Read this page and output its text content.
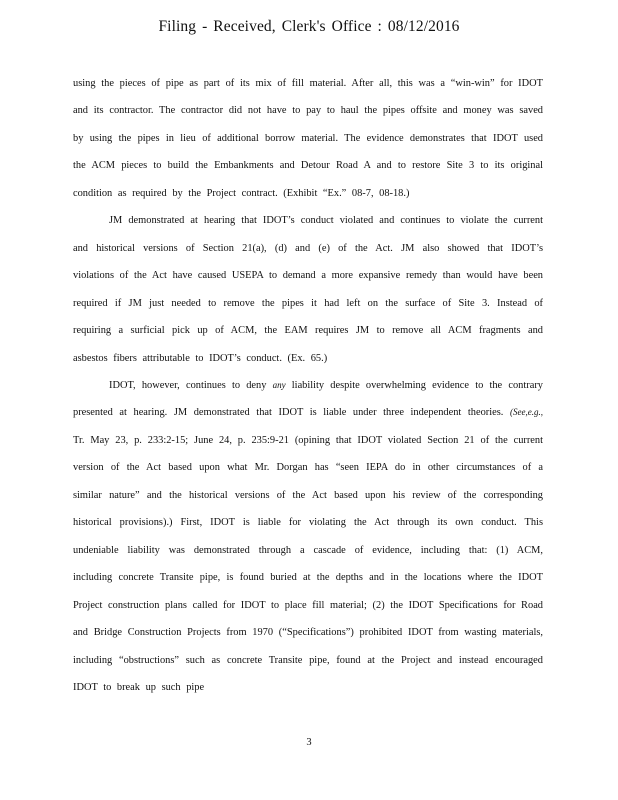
Filing - Received, Clerk's Office : 08/12/2016

using the pieces of pipe as part of its mix of fill material. After all, this was a “win-win” for IDOT and its contractor. The contractor did not have to pay to haul the pipes offsite and money was saved by using the pipes in lieu of additional borrow material. The evidence demonstrates that IDOT used the ACM pieces to build the Embankments and Detour Road A and to restore Site 3 to its original condition as required by the Project contract. (Exhibit “Ex.” 08-7, 08-18.)

JM demonstrated at hearing that IDOT’s conduct violated and continues to violate the current and historical versions of Section 21(a), (d) and (e) of the Act. JM also showed that IDOT’s violations of the Act have caused USEPA to demand a more expansive remedy than would have been required if JM just needed to remove the pipes it had left on the surface of Site 3. Instead of requiring a surficial pick up of ACM, the EAM requires JM to remove all ACM fragments and asbestos fibers attributable to IDOT’s conduct. (Ex. 65.)

IDOT, however, continues to deny any liability despite overwhelming evidence to the contrary presented at hearing. JM demonstrated that IDOT is liable under three independent theories. (See,e.g., Tr. May 23, p. 233:2-15; June 24, p. 235:9-21 (opining that IDOT violated Section 21 of the current version of the Act based upon what Mr. Dorgan has “seen IEPA do in other circumstances of a similar nature” and the historical versions of the Act based upon his review of the corresponding historical provisions).) First, IDOT is liable for violating the Act through its own conduct. This undeniable liability was demonstrated through a cascade of evidence, including that: (1) ACM, including concrete Transite pipe, is found buried at the depths and in the locations where the IDOT Project construction plans called for IDOT to place fill material; (2) the IDOT Specifications for Road and Bridge Construction Projects from 1970 (“Specifications”) prohibited IDOT from wasting materials, including “obstructions” such as concrete Transite pipe, found at the Project and instead encouraged IDOT to break up such pipe

3
